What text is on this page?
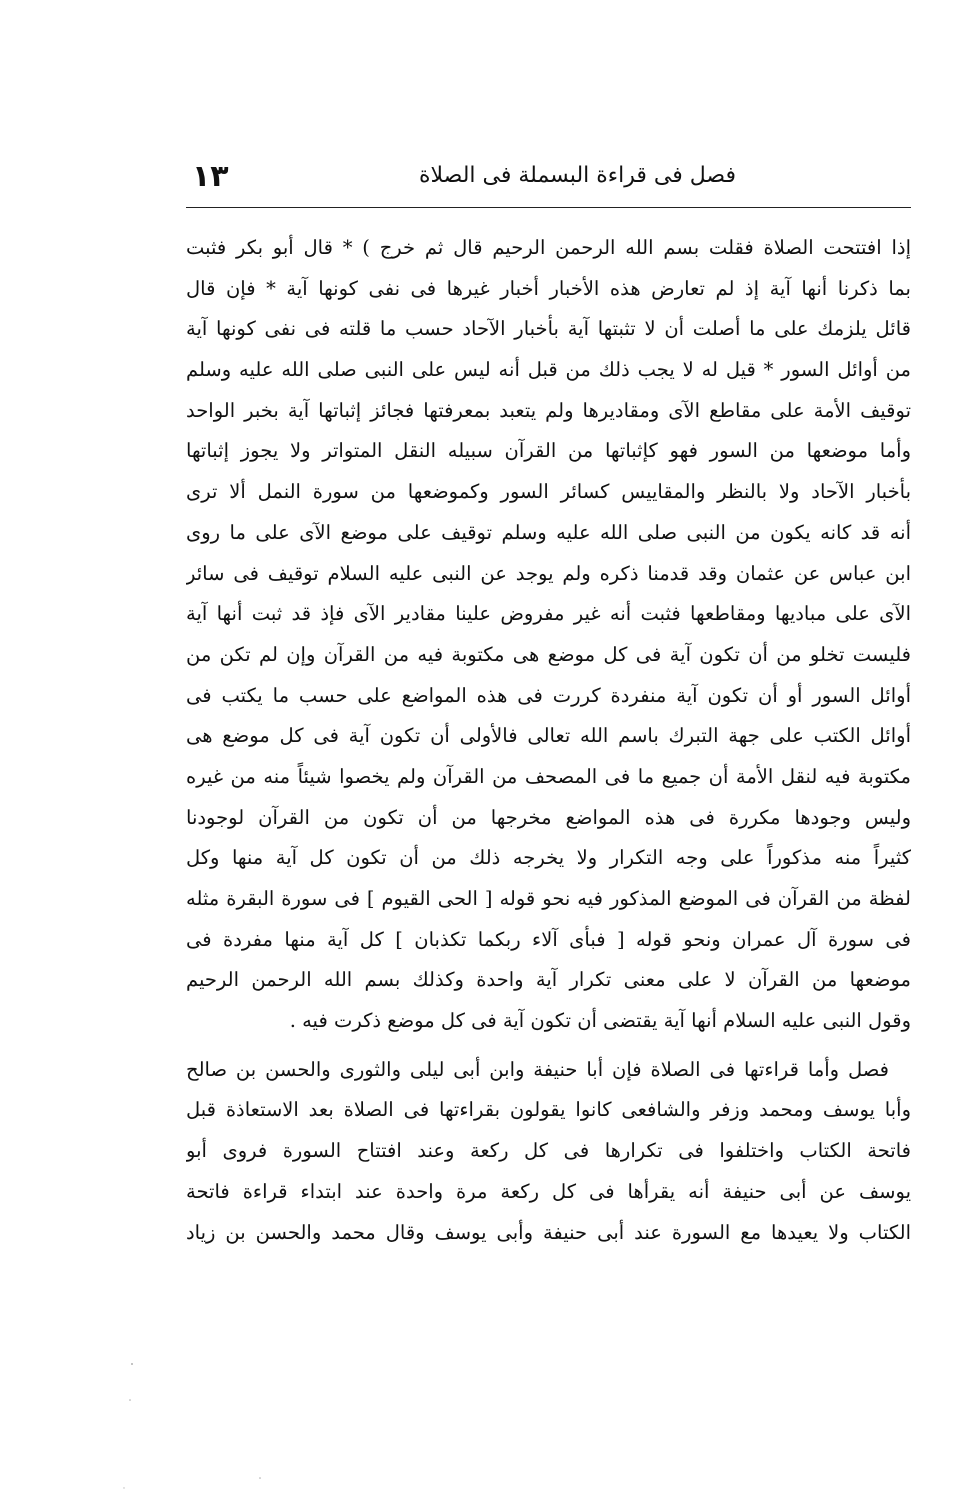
فصل فى قراءة البسملة فى الصلاة
١٣
إذا افتتحت الصلاة فقلت بسم الله الرحمن الرحيم قال ثم خرج ) * قال أبو بكر فثبت
بما ذكرنا أنها آية إذ لم تعارض هذه الأخبار أخبار غيرها فى نفى كونها آية * فإن قال
قائل يلزمك على ما أصلت أن لا تثبتها آية بأخبار الآحاد حسب ما قلته فى نفى كونها آية
من أوائل السور * قيل له لا يجب ذلك من قبل أنه ليس على النبى صلى الله عليه وسلم
توقيف الأمة على مقاطع الآى ومقاديرها ولم يتعبد بمعرفتها فجائز إثباتها آية بخبر الواحد
وأما موضعها من السور فهو كإثباتها من القرآن سبيله النقل المتواتر ولا يجوز إثباتها
بأخبار الآحاد ولا بالنظر والمقاييس كسائر السور وكموضعها من سورة النمل ألا ترى
أنه قد كانه يكون من النبى صلى الله عليه وسلم توقيف على موضع الآى على ما روى
ابن عباس عن عثمان وقد قدمنا ذكره ولم يوجد عن النبى عليه السلام توقيف فى سائر
الآى على مباديها ومقاطعها فثبت أنه غير مفروض علينا مقادير الآى فإذ قد ثبت أنها آية
فليست تخلو من أن تكون آية فى كل موضع هى مكتوبة فيه من القرآن وإن لم تكن من
أوائل السور أو أن تكون آية منفردة كررت فى هذه المواضع على حسب ما يكتب فى
أوائل الكتب على جهة التبرك باسم الله تعالى فالأولى أن تكون آية فى كل موضع هى
مكتوبة فيه لنقل الأمة أن جميع ما فى المصحف من القرآن ولم يخصوا شيئاً منه من غيره
وليس وجودها مكررة فى هذه المواضع مخرجها من أن تكون من القرآن لوجودنا
كثيراً منه مذكوراً على وجه التكرار ولا يخرجه ذلك من أن تكون كل آية منها وكل
لفظة من القرآن فى الموضع المذكور فيه نحو قوله [ الحى القيوم ] فى سورة البقرة مثله
فى سورة آل عمران ونحو قوله [ فبأى آلاء ربكما تكذبان ] كل آية منها مفردة فى
موضعها من القرآن لا على معنى تكرار آية واحدة وكذلك بسم الله الرحمن الرحيم
وقول النبى عليه السلام أنها آية يقتضى أن تكون آية فى كل موضع ذكرت فيه .
فصل وأما قراءتها فى الصلاة فإن أبا حنيفة وابن أبى ليلى والثورى والحسن بن صالح
وأبا يوسف ومحمد وزفر والشافعى كانوا يقولون بقراءتها فى الصلاة بعد الاستعاذة قبل
فاتحة الكتاب واختلفوا فى تكرارها فى كل ركعة وعند افتتاح السورة فروى أبو
يوسف عن أبى حنيفة أنه يقرأها فى كل ركعة مرة واحدة عند ابتداء قراءة فاتحة
الكتاب ولا يعيدها مع السورة عند أبى حنيفة وأبى يوسف وقال محمد والحسن بن زياد
